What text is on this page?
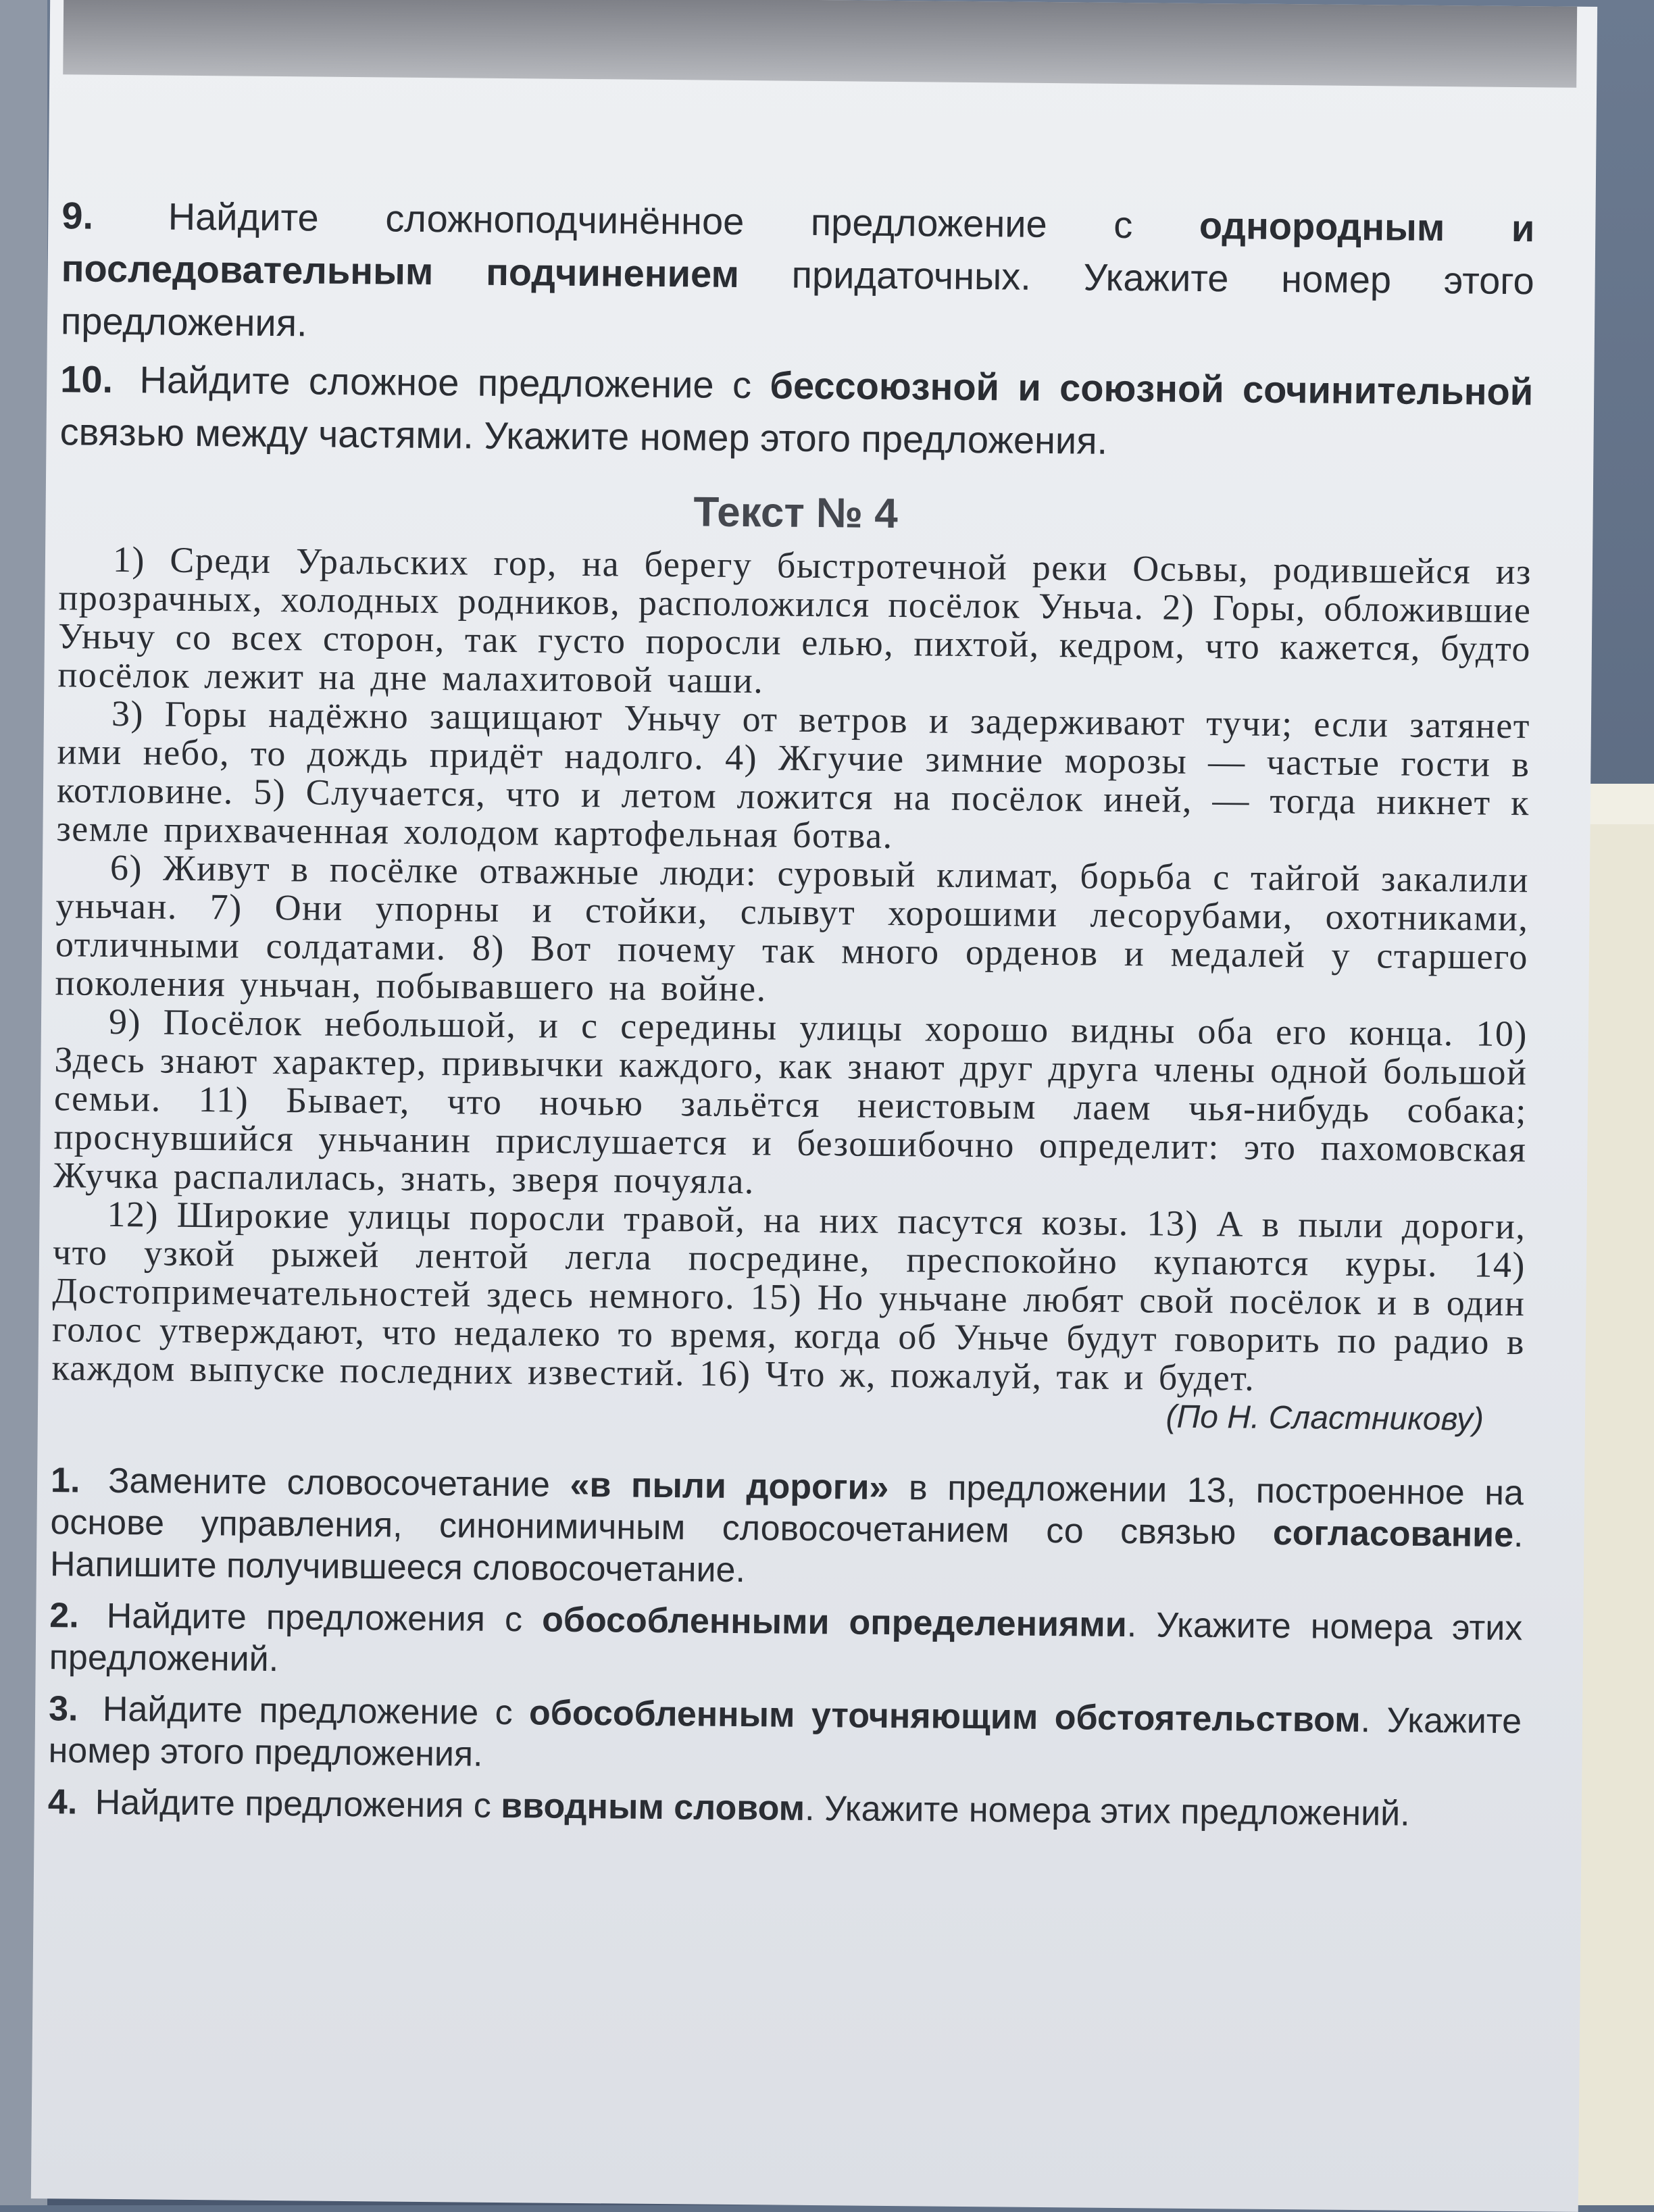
9. Найдите сложноподчинённое предложение с однородным и последовательным подчинением придаточных. Укажите номер этого предложения.

10. Найдите сложное предложение с бессоюзной и союзной сочинительной связью между частями. Укажите номер этого предложения.

Текст № 4

1) Среди Уральских гор, на берегу быстротечной реки Осьвы, родившейся из прозрачных, холодных родников, расположился посёлок Уньча. 2) Горы, обложившие Уньчу со всех сторон, так густо поросли елью, пихтой, кедром, что кажется, будто посёлок лежит на дне малахитовой чаши.

3) Горы надёжно защищают Уньчу от ветров и задерживают тучи; если затянет ими небо, то дождь придёт надолго. 4) Жгучие зимние морозы — частые гости в котловине. 5) Случается, что и летом ложится на посёлок иней, — тогда никнет к земле прихваченная холодом картофельная ботва.

6) Живут в посёлке отважные люди: суровый климат, борьба с тайгой закалили уньчан. 7) Они упорны и стойки, слывут хорошими лесорубами, охотниками, отличными солдатами. 8) Вот почему так много орденов и медалей у старшего поколения уньчан, побывавшего на войне.

9) Посёлок небольшой, и с середины улицы хорошо видны оба его конца. 10) Здесь знают характер, привычки каждого, как знают друг друга члены одной большой семьи. 11) Бывает, что ночью зальётся неистовым лаем чья-нибудь собака; проснувшийся уньчанин прислушается и безошибочно определит: это пахомовская Жучка распалилась, знать, зверя почуяла.

12) Широкие улицы поросли травой, на них пасутся козы. 13) А в пыли дороги, что узкой рыжей лентой легла посредине, преспокойно купаются куры. 14) Достопримечательностей здесь немного. 15) Но уньчане любят свой посёлок и в один голос утверждают, что недалеко то время, когда об Уньче будут говорить по радио в каждом выпуске последних известий. 16) Что ж, пожалуй, так и будет.

(По Н. Сластникову)

1. Замените словосочетание «в пыли дороги» в предложении 13, построенное на основе управления, синонимичным словосочетанием со связью согласование. Напишите получившееся словосочетание.

2. Найдите предложения с обособленными определениями. Укажите номера этих предложений.

3. Найдите предложение с обособленным уточняющим обстоятельством. Укажите номер этого предложения.

4. Найдите предложения с вводным словом. Укажите номера этих предложений.
